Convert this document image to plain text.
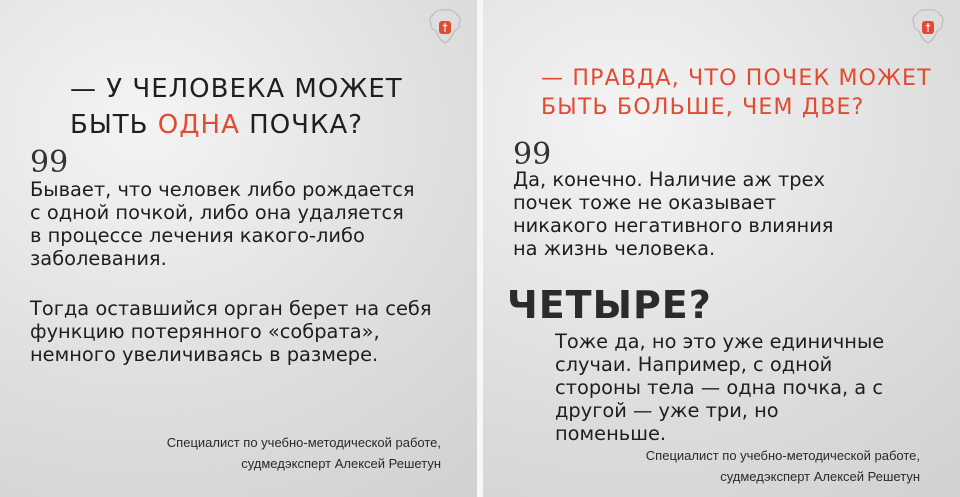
— У ЧЕЛОВЕКА МОЖЕТ
БЫТЬ ОДНА ПОЧКА?
99
Бывает, что человек либо рождается
с одной почкой, либо она удаляется
в процессе лечения какого-либо
заболевания.
Тогда оставшийся орган берет на себя
функцию потерянного «собрата»,
немного увеличиваясь в размере.
Специалист по учебно-методической работе,
судмедэксперт Алексей Решетун
— ПРАВДА, ЧТО ПОЧЕК МОЖЕТ
БЫТЬ БОЛЬШЕ, ЧЕМ ДВЕ?
99
Да, конечно. Наличие аж трех
почек тоже не оказывает
никакого негативного влияния
на жизнь человека.
ЧЕТЫРЕ?
Тоже да, но это уже единичные
случаи. Например, с одной
стороны тела — одна почка, а с
другой — уже три, но поменьше.
Специалист по учебно-методической работе,
судмедэксперт Алексей Решетун
